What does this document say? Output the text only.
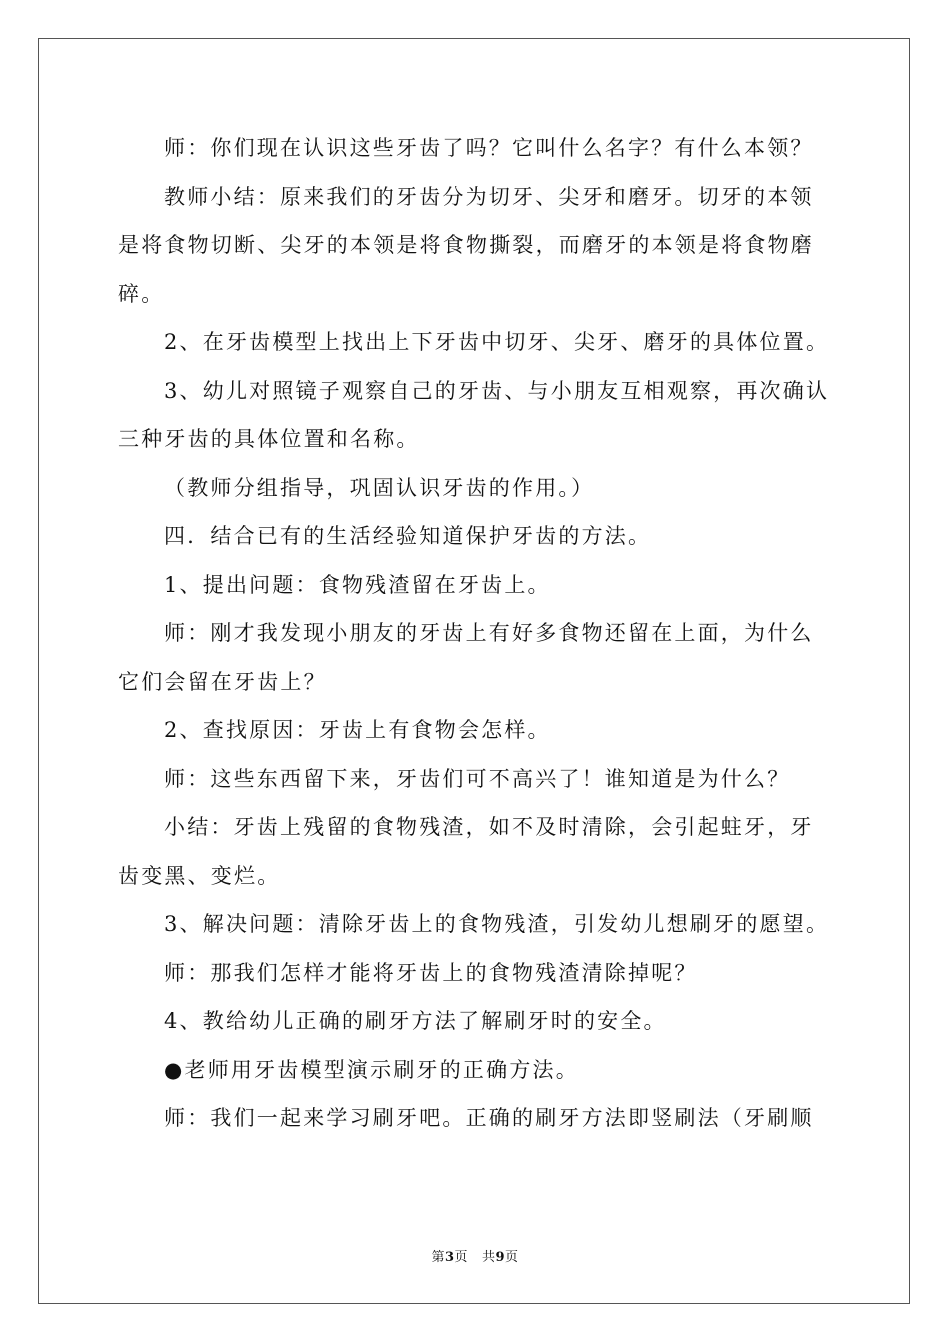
师：你们现在认识这些牙齿了吗？它叫什么名字？有什么本领？

教师小结：原来我们的牙齿分为切牙、尖牙和磨牙。切牙的本领是将食物切断、尖牙的本领是将食物撕裂，而磨牙的本领是将食物磨碎。

2、在牙齿模型上找出上下牙齿中切牙、尖牙、磨牙的具体位置。

3、幼儿对照镜子观察自己的牙齿、与小朋友互相观察，再次确认三种牙齿的具体位置和名称。

（教师分组指导，巩固认识牙齿的作用。）

四．结合已有的生活经验知道保护牙齿的方法。

1、提出问题：食物残渣留在牙齿上。

师：刚才我发现小朋友的牙齿上有好多食物还留在上面，为什么它们会留在牙齿上？

2、查找原因：牙齿上有食物会怎样。

师：这些东西留下来，牙齿们可不高兴了！谁知道是为什么？

小结：牙齿上残留的食物残渣，如不及时清除，会引起蛀牙，牙齿变黑、变烂。

3、解决问题：清除牙齿上的食物残渣，引发幼儿想刷牙的愿望。

师：那我们怎样才能将牙齿上的食物残渣清除掉呢？

4、教给幼儿正确的刷牙方法了解刷牙时的安全。

●老师用牙齿模型演示刷牙的正确方法。

师：我们一起来学习刷牙吧。正确的刷牙方法即竖刷法（牙刷顺

第3页 共9页
